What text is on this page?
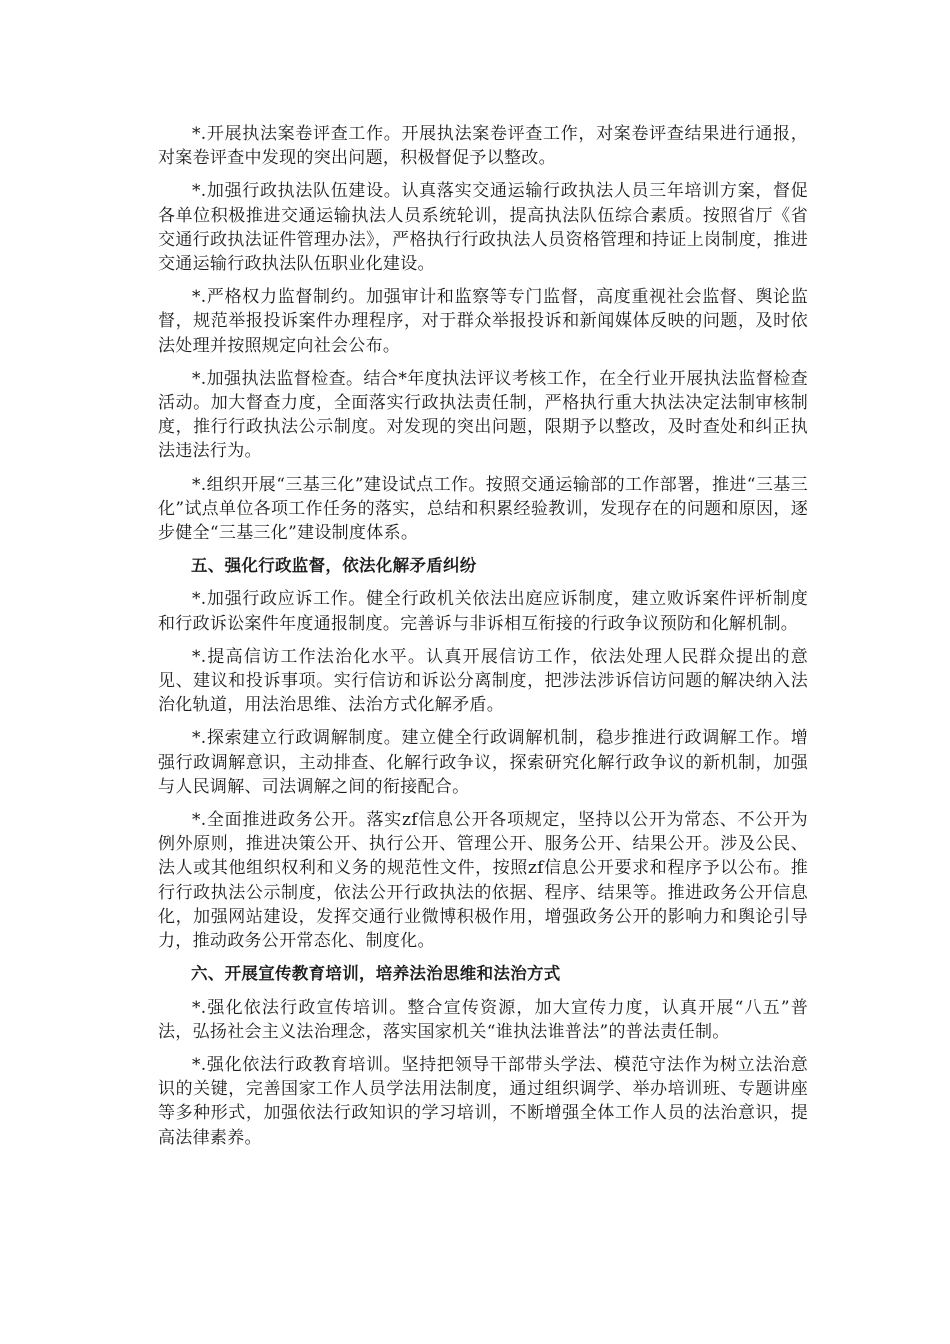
*.开展执法案卷评查工作。开展执法案卷评查工作，对案卷评查结果进行通报，对案卷评查中发现的突出问题，积极督促予以整改。

*.加强行政执法队伍建设。认真落实交通运输行政执法人员三年培训方案，督促各单位积极推进交通运输执法人员系统轮训，提高执法队伍综合素质。按照省厅《省交通行政执法证件管理办法》，严格执行行政执法人员资格管理和持证上岗制度，推进交通运输行政执法队伍职业化建设。

*.严格权力监督制约。加强审计和监察等专门监督，高度重视社会监督、舆论监督，规范举报投诉案件办理程序，对于群众举报投诉和新闻媒体反映的问题，及时依法处理并按照规定向社会公布。

*.加强执法监督检查。结合*年度执法评议考核工作，在全行业开展执法监督检查活动。加大督查力度，全面落实行政执法责任制，严格执行重大执法决定法制审核制度，推行行政执法公示制度。对发现的突出问题，限期予以整改，及时查处和纠正执法违法行为。

*.组织开展“三基三化”建设试点工作。按照交通运输部的工作部署，推进“三基三化”试点单位各项工作任务的落实，总结和积累经验教训，发现存在的问题和原因，逐步健全“三基三化”建设制度体系。

五、强化行政监督，依法化解矛盾纠纷

*.加强行政应诉工作。健全行政机关依法出庭应诉制度，建立败诉案件评析制度和行政诉讼案件年度通报制度。完善诉与非诉相互衔接的行政争议预防和化解机制。

*.提高信访工作法治化水平。认真开展信访工作，依法处理人民群众提出的意见、建议和投诉事项。实行信访和诉讼分离制度，把涉法涉诉信访问题的解决纳入法治化轨道，用法治思维、法治方式化解矛盾。

*.探索建立行政调解制度。建立健全行政调解机制，稳步推进行政调解工作。增强行政调解意识，主动排查、化解行政争议，探索研究化解行政争议的新机制，加强与人民调解、司法调解之间的衔接配合。

*.全面推进政务公开。落实zf信息公开各项规定，坚持以公开为常态、不公开为例外原则，推进决策公开、执行公开、管理公开、服务公开、结果公开。涉及公民、法人或其他组织权利和义务的规范性文件，按照zf信息公开要求和程序予以公布。推行行政执法公示制度，依法公开行政执法的依据、程序、结果等。推进政务公开信息化，加强网站建设，发挥交通行业微博积极作用，增强政务公开的影响力和舆论引导力，推动政务公开常态化、制度化。

六、开展宣传教育培训，培养法治思维和法治方式

*.强化依法行政宣传培训。整合宣传资源，加大宣传力度，认真开展“八五”普法，弘扬社会主义法治理念，落实国家机关“谁执法谁普法”的普法责任制。

*.强化依法行政教育培训。坚持把领导干部带头学法、模范守法作为树立法治意识的关键，完善国家工作人员学法用法制度，通过组织调学、举办培训班、专题讲座等多种形式，加强依法行政知识的学习培训，不断增强全体工作人员的法治意识，提高法律素养。
